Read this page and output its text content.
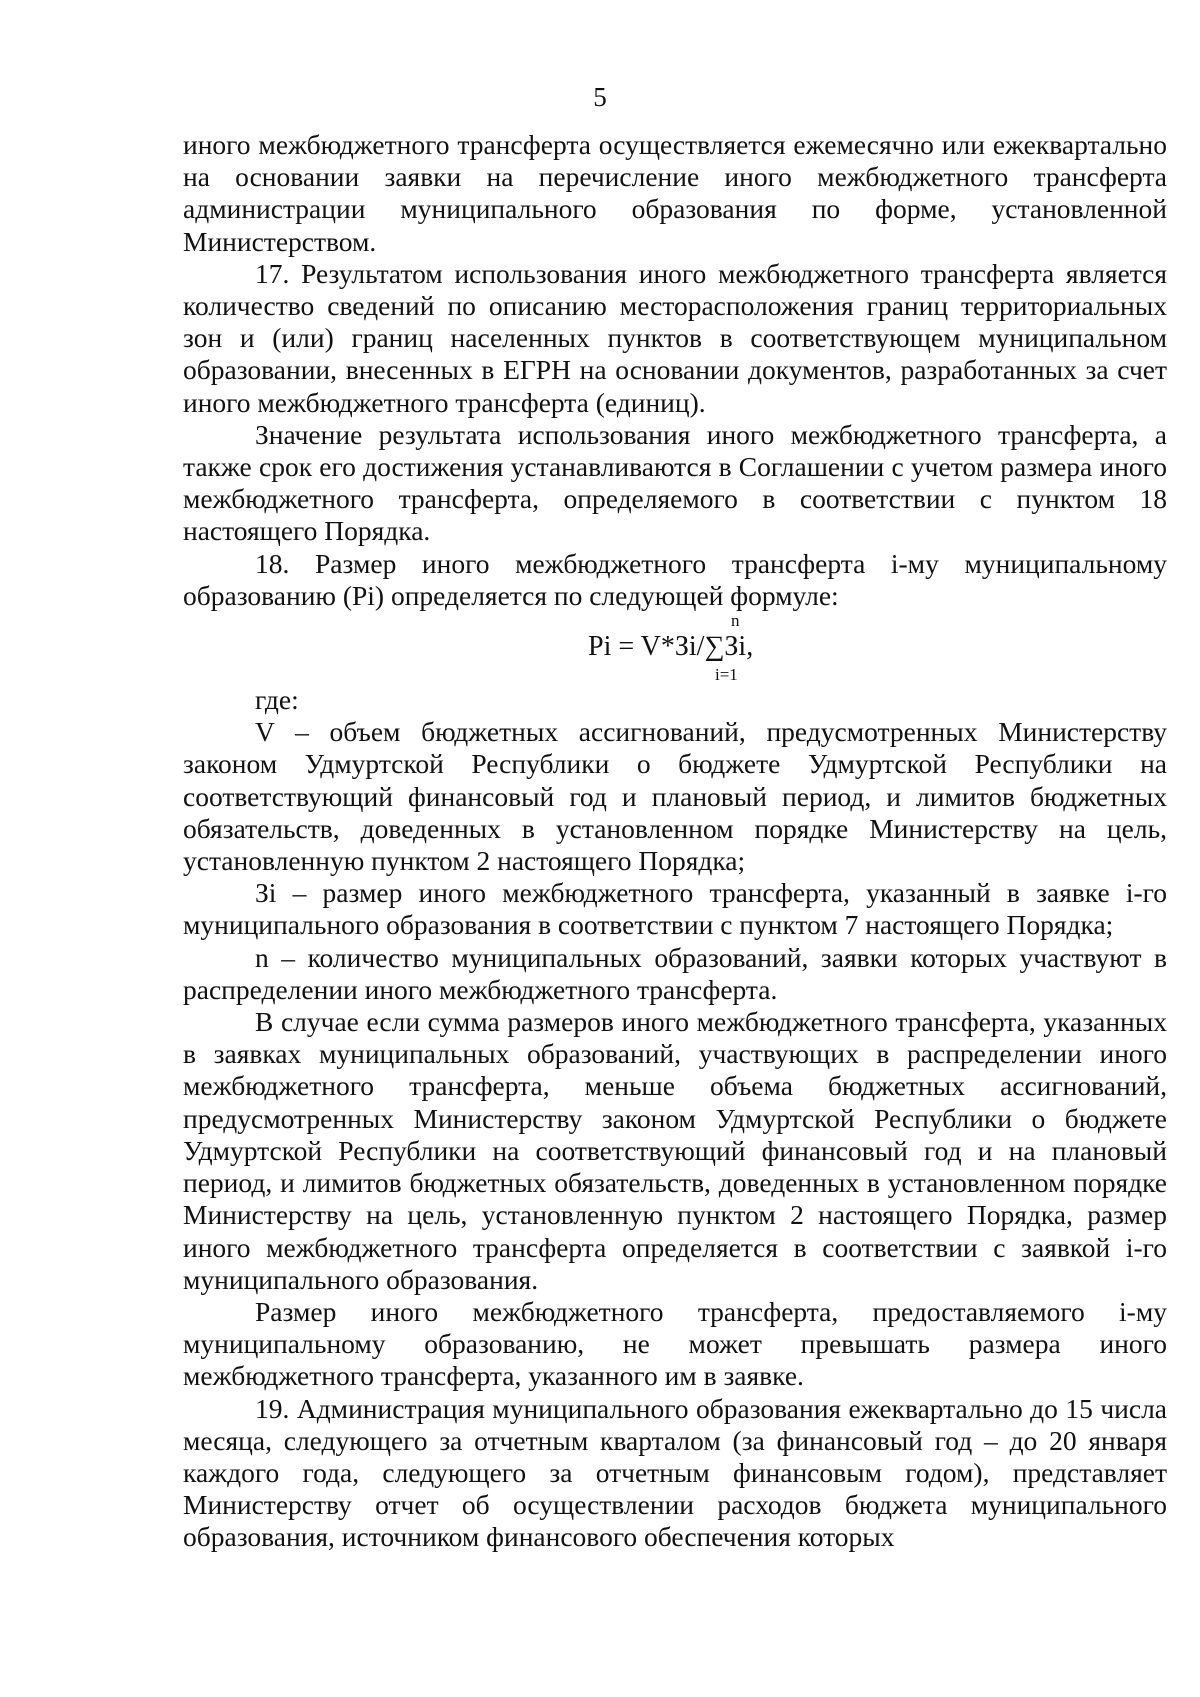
5

иного межбюджетного трансферта осуществляется ежемесячно или ежеквартально на основании заявки на перечисление иного межбюджетного трансферта администрации муниципального образования по форме, установленной Министерством.

17. Результатом использования иного межбюджетного трансферта является количество сведений по описанию месторасположения границ территориальных зон и (или) границ населенных пунктов в соответствующем муниципальном образовании, внесенных в ЕГРН на основании документов, разработанных за счет иного межбюджетного трансферта (единиц).

Значение результата использования иного межбюджетного трансферта, а также срок его достижения устанавливаются в Соглашении с учетом размера иного межбюджетного трансферта, определяемого в соответствии с пунктом 18 настоящего Порядка.

18. Размер иного межбюджетного трансферта i-му муниципальному образованию (Pi) определяется по следующей формуле:

n
Pi = V*Зi/∑Зi,
i=1

где:

V – объем бюджетных ассигнований, предусмотренных Министерству законом Удмуртской Республики о бюджете Удмуртской Республики на соответствующий финансовый год и плановый период, и лимитов бюджетных обязательств, доведенных в установленном порядке Министерству на цель, установленную пунктом 2 настоящего Порядка;

Зi – размер иного межбюджетного трансферта, указанный в заявке i-го муниципального образования в соответствии с пунктом 7 настоящего Порядка;

n – количество муниципальных образований, заявки которых участвуют в распределении иного межбюджетного трансферта.

В случае если сумма размеров иного межбюджетного трансферта, указанных в заявках муниципальных образований, участвующих в распределении иного межбюджетного трансферта, меньше объема бюджетных ассигнований, предусмотренных Министерству законом Удмуртской Республики о бюджете Удмуртской Республики на соответствующий финансовый год и на плановый период, и лимитов бюджетных обязательств, доведенных в установленном порядке Министерству на цель, установленную пунктом 2 настоящего Порядка, размер иного межбюджетного трансферта определяется в соответствии с заявкой i-го муниципального образования.

Размер иного межбюджетного трансферта, предоставляемого i-му муниципальному образованию, не может превышать размера иного межбюджетного трансферта, указанного им в заявке.

19. Администрация муниципального образования ежеквартально до 15 числа месяца, следующего за отчетным кварталом (за финансовый год – до 20 января каждого года, следующего за отчетным финансовым годом), представляет Министерству отчет об осуществлении расходов бюджета муниципального образования, источником финансового обеспечения которых
